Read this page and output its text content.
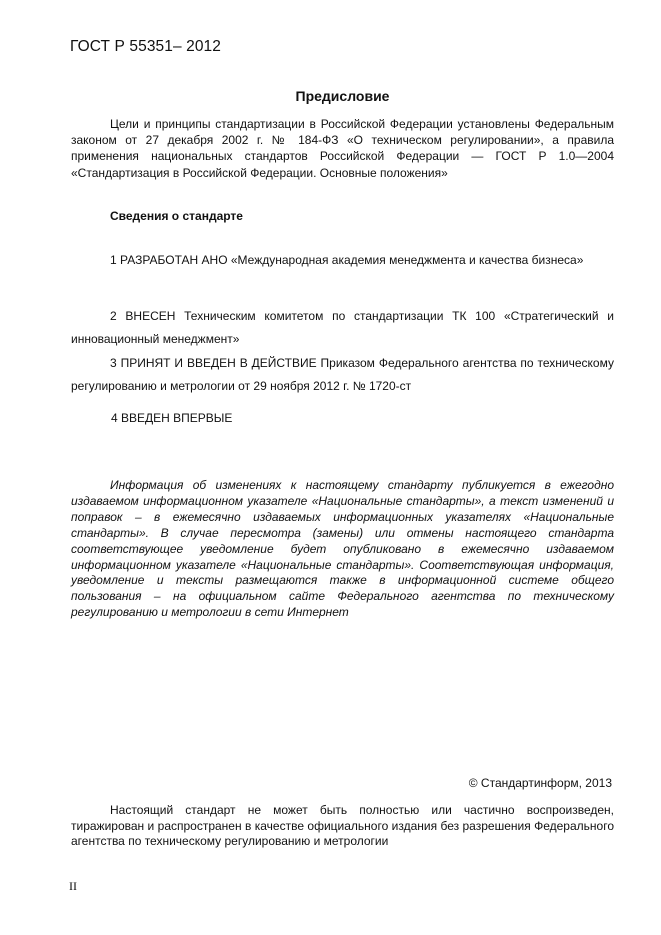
ГОСТ Р 55351– 2012
Предисловие

Цели и принципы стандартизации в Российской Федерации установлены Федеральным законом от 27 декабря 2002 г. № 184-ФЗ «О техническом регулировании», а правила применения национальных стандартов Российской Федерации — ГОСТ Р 1.0—2004 «Стандартизация в Российской Федерации. Основные положения»

Сведения о стандарте

1 РАЗРАБОТАН АНО «Международная академия менеджмента и качества бизнеса»

2 ВНЕСЕН Техническим комитетом по стандартизации ТК 100 «Стратегический и инновационный менеджмент»

3 ПРИНЯТ И ВВЕДЕН В ДЕЙСТВИЕ Приказом Федерального агентства по техническому регулированию и метрологии от 29 ноября 2012 г. № 1720-ст

4 ВВЕДЕН ВПЕРВЫЕ

Информация об изменениях к настоящему стандарту публикуется в ежегодно издаваемом информационном указателе «Национальные стандарты», а текст изменений и поправок – в ежемесячно издаваемых информационных указателях «Национальные стандарты». В случае пересмотра (замены) или отмены настоящего стандарта соответствующее уведомление будет опубликовано в ежемесячно издаваемом информационном указателе «Национальные стандарты». Соответствующая информация, уведомление и тексты размещаются также в информационной системе общего пользования – на официальном сайте Федерального агентства по техническому регулированию и метрологии в сети Интернет

© Стандартинформ, 2013

Настоящий стандарт не может быть полностью или частично воспроизведен, тиражирован и распространен в качестве официального издания без разрешения Федерального агентства по техническому регулированию и метрологии

II
